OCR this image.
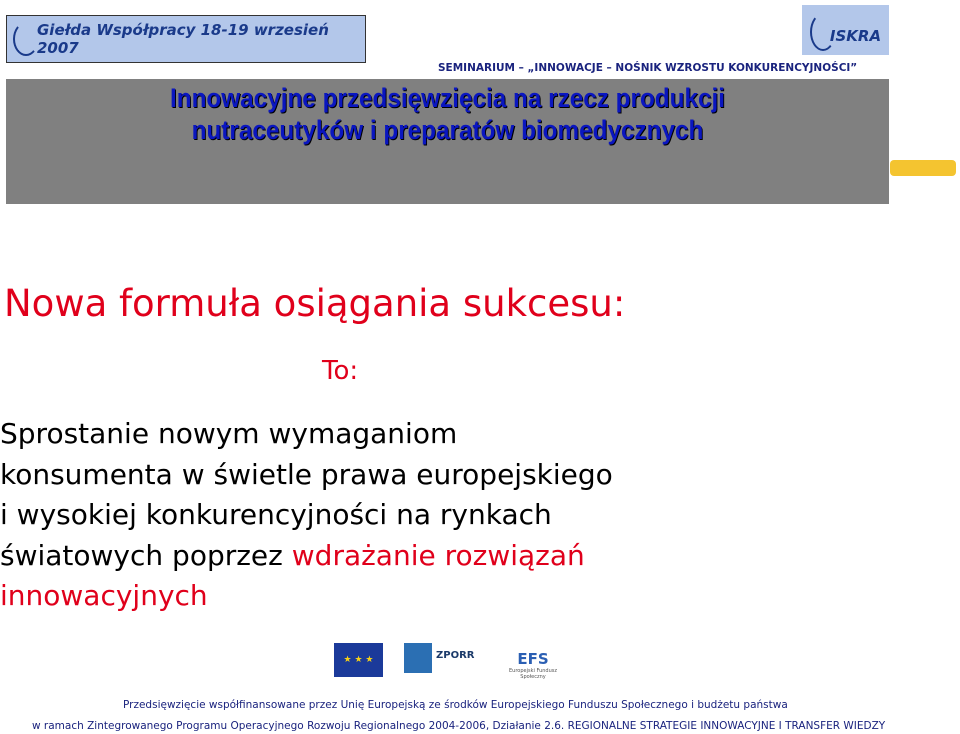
Giełda Współpracy 18-19 wrzesień 2007
ISKRA
SEMINARIUM – „INNOWACJE – NOŚNIK WZROSTU KONKURENCYJNOŚCI”
Innowacyjne przedsięwzięcia na rzecz produkcji
nutraceutyków i preparatów biomedycznych
Nowa formuła osiągania sukcesu:
To:
Sprostanie nowym wymaganiom
konsumenta w świetle prawa europejskiego
i wysokiej konkurencyjności na rynkach
światowych poprzez wdrażanie rozwiązań
innowacyjnych
★ ★ ★	ZPORR	EFS
Europejski Fundusz Społeczny
Przedsięwzięcie współfinansowane przez Unię Europejską ze środków Europejskiego Funduszu Społecznego i budżetu państwa
w ramach Zintegrowanego Programu Operacyjnego Rozwoju Regionalnego 2004-2006, Działanie 2.6. REGIONALNE STRATEGIE INNOWACYJNE I TRANSFER WIEDZY
